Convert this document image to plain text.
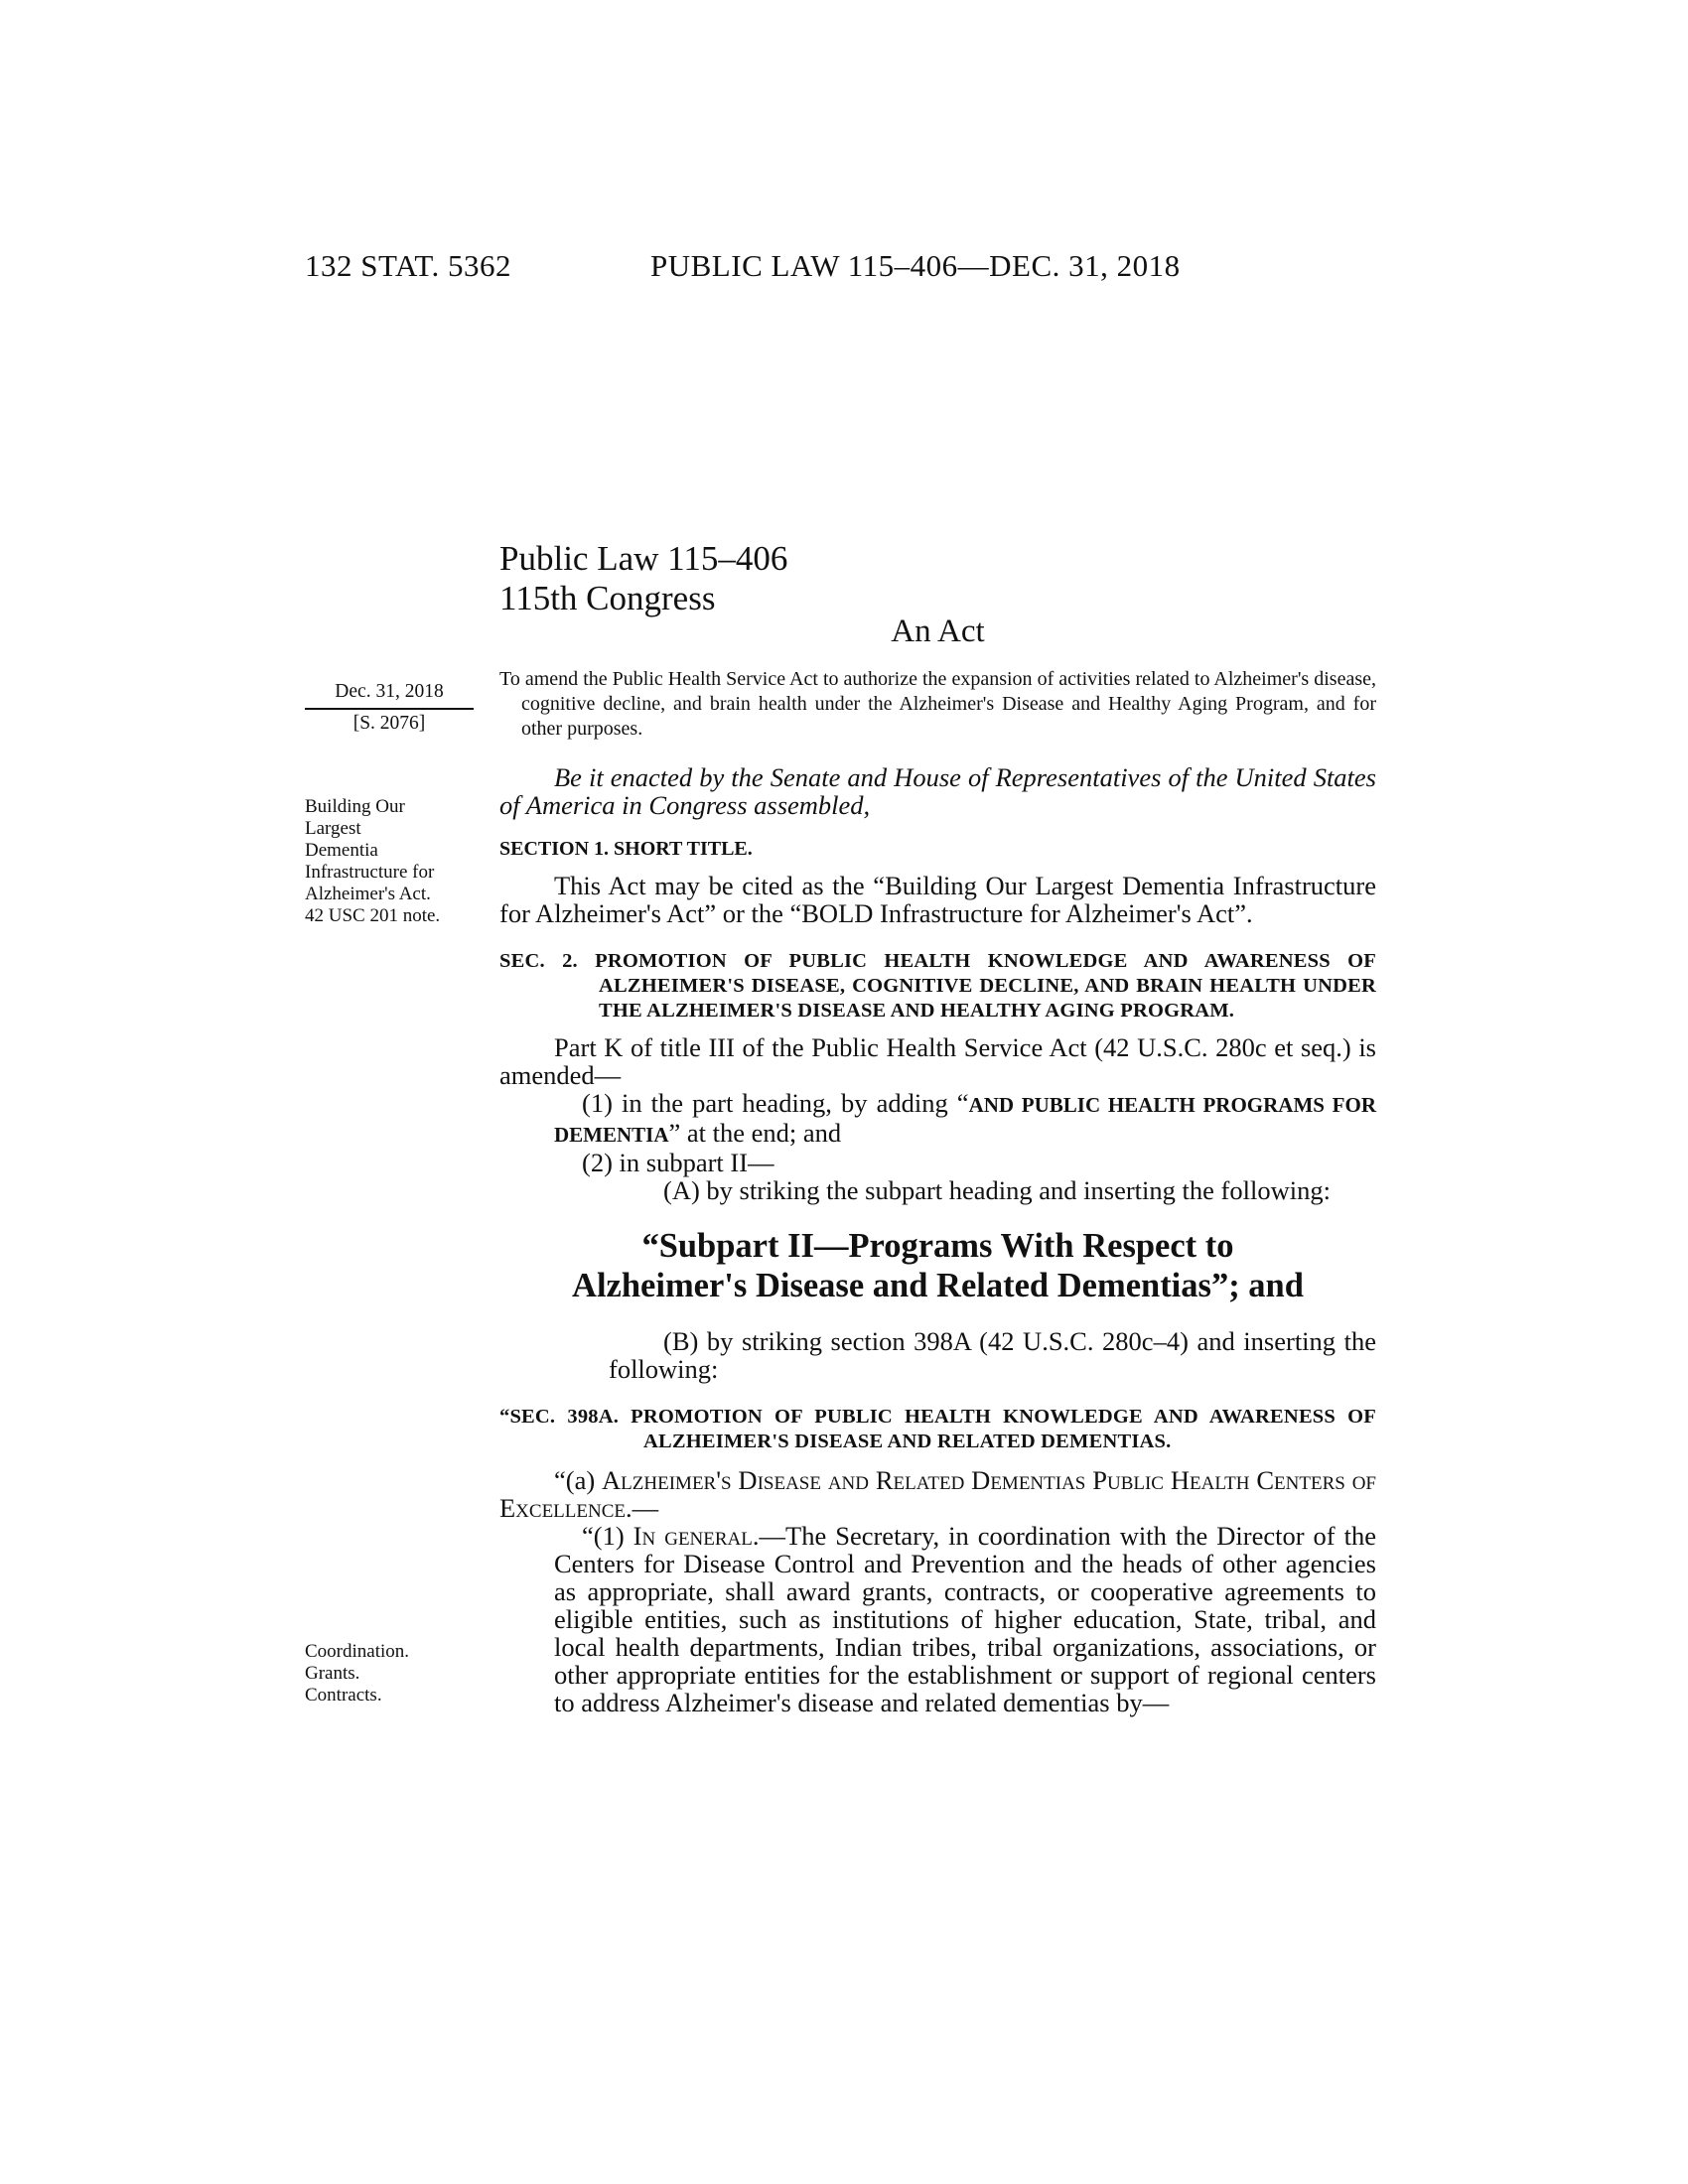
132 STAT. 5362	PUBLIC LAW 115–406—DEC. 31, 2018
Public Law 115–406
115th Congress
An Act
Dec. 31, 2018
[S. 2076]
Building Our
Largest
Dementia
Infrastructure for
Alzheimer's Act.
42 USC 201 note.
Coordination.
Grants.
Contracts.

To amend the Public Health Service Act to authorize the expansion of activities related to Alzheimer's disease, cognitive decline, and brain health under the Alzheimer's Disease and Healthy Aging Program, and for other purposes.

Be it enacted by the Senate and House of Representatives of the United States of America in Congress assembled,

SECTION 1. SHORT TITLE.

This Act may be cited as the “Building Our Largest Dementia Infrastructure for Alzheimer's Act” or the “BOLD Infrastructure for Alzheimer's Act”.

SEC. 2. PROMOTION OF PUBLIC HEALTH KNOWLEDGE AND AWARENESS OF ALZHEIMER'S DISEASE, COGNITIVE DECLINE, AND BRAIN HEALTH UNDER THE ALZHEIMER'S DISEASE AND HEALTHY AGING PROGRAM.

Part K of title III of the Public Health Service Act (42 U.S.C. 280c et seq.) is amended—

(1) in the part heading, by adding “AND PUBLIC HEALTH PROGRAMS FOR DEMENTIA” at the end; and

(2) in subpart II—

(A) by striking the subpart heading and inserting the following:

“Subpart II—Programs With Respect to
Alzheimer's Disease and Related Dementias”; and

(B) by striking section 398A (42 U.S.C. 280c–4) and inserting the following:

“SEC. 398A. PROMOTION OF PUBLIC HEALTH KNOWLEDGE AND AWARENESS OF ALZHEIMER'S DISEASE AND RELATED DEMENTIAS.

“(a) Alzheimer's Disease and Related Dementias Public Health Centers of Excellence.—

“(1) In general.—The Secretary, in coordination with the Director of the Centers for Disease Control and Prevention and the heads of other agencies as appropriate, shall award grants, contracts, or cooperative agreements to eligible entities, such as institutions of higher education, State, tribal, and local health departments, Indian tribes, tribal organizations, associations, or other appropriate entities for the establishment or support of regional centers to address Alzheimer's disease and related dementias by—
